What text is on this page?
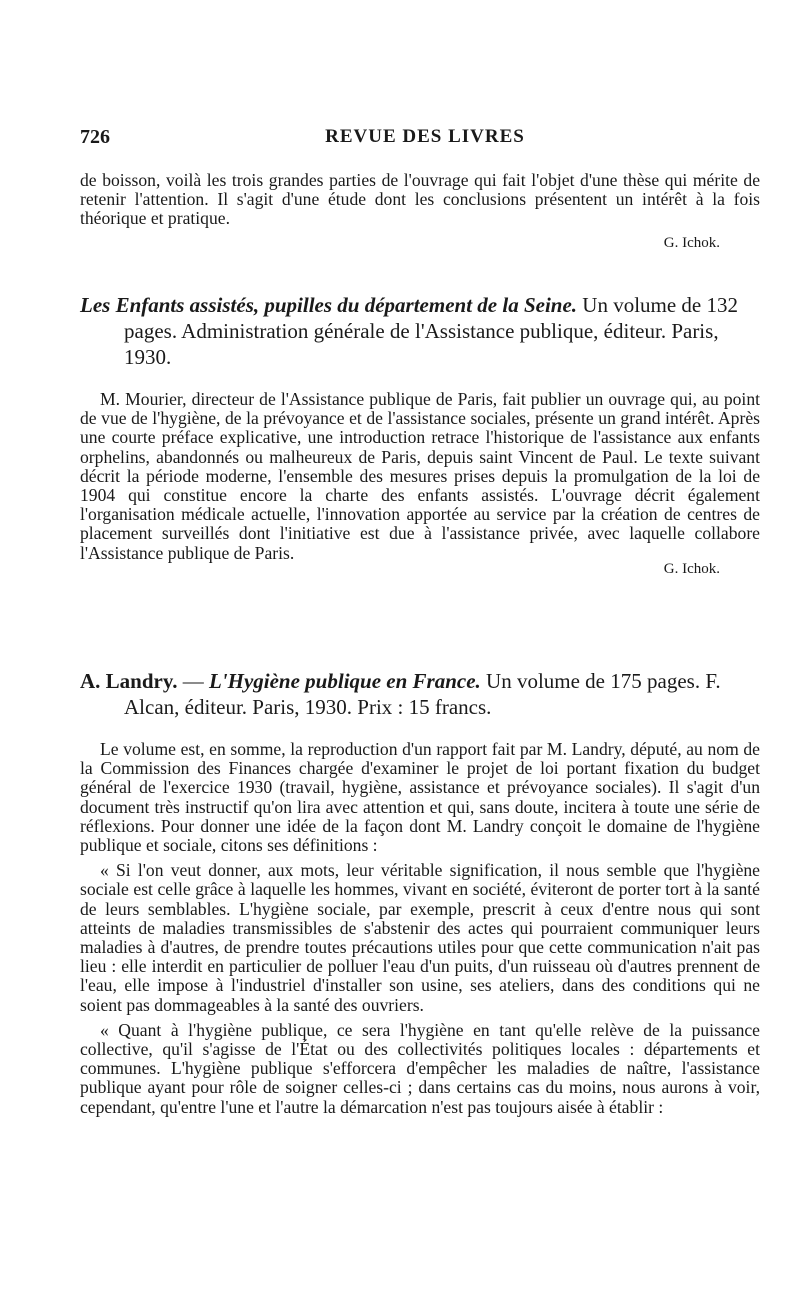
726	REVUE DES LIVRES

de boisson, voilà les trois grandes parties de l'ouvrage qui fait l'objet d'une thèse qui mérite de retenir l'attention. Il s'agit d'une étude dont les conclusions présentent un intérêt à la fois théorique et pratique.

G. Ichok.

Les Enfants assistés, pupilles du département de la Seine. Un volume de 132 pages. Administration générale de l'Assistance publique, éditeur. Paris, 1930.

M. Mourier, directeur de l'Assistance publique de Paris, fait publier un ouvrage qui, au point de vue de l'hygiène, de la prévoyance et de l'assistance sociales, présente un grand intérêt. Après une courte préface explicative, une introduction retrace l'historique de l'assistance aux enfants orphelins, abandonnés ou malheureux de Paris, depuis saint Vincent de Paul. Le texte suivant décrit la période moderne, l'ensemble des mesures prises depuis la promulgation de la loi de 1904 qui constitue encore la charte des enfants assistés. L'ouvrage décrit également l'organisation médicale actuelle, l'innovation apportée au service par la création de centres de placement surveillés dont l'initiative est due à l'assistance privée, avec laquelle collabore l'Assistance publique de Paris.

G. Ichok.

A. Landry. — L'Hygiène publique en France. Un volume de 175 pages. F. Alcan, éditeur. Paris, 1930. Prix : 15 francs.

Le volume est, en somme, la reproduction d'un rapport fait par M. Landry, député, au nom de la Commission des Finances chargée d'examiner le projet de loi portant fixation du budget général de l'exercice 1930 (travail, hygiène, assistance et prévoyance sociales). Il s'agit d'un document très instructif qu'on lira avec attention et qui, sans doute, incitera à toute une série de réflexions. Pour donner une idée de la façon dont M. Landry conçoit le domaine de l'hygiène publique et sociale, citons ses définitions :

« Si l'on veut donner, aux mots, leur véritable signification, il nous semble que l'hygiène sociale est celle grâce à laquelle les hommes, vivant en société, éviteront de porter tort à la santé de leurs semblables. L'hygiène sociale, par exemple, prescrit à ceux d'entre nous qui sont atteints de maladies transmissibles de s'abstenir des actes qui pourraient communiquer leurs maladies à d'autres, de prendre toutes précautions utiles pour que cette communication n'ait pas lieu : elle interdit en particulier de polluer l'eau d'un puits, d'un ruisseau où d'autres prennent de l'eau, elle impose à l'industriel d'installer son usine, ses ateliers, dans des conditions qui ne soient pas dommageables à la santé des ouvriers.

« Quant à l'hygiène publique, ce sera l'hygiène en tant qu'elle relève de la puissance collective, qu'il s'agisse de l'État ou des collectivités politiques locales : départements et communes. L'hygiène publique s'efforcera d'empêcher les maladies de naître, l'assistance publique ayant pour rôle de soigner celles-ci ; dans certains cas du moins, nous aurons à voir, cependant, qu'entre l'une et l'autre la démarcation n'est pas toujours aisée à établir :
